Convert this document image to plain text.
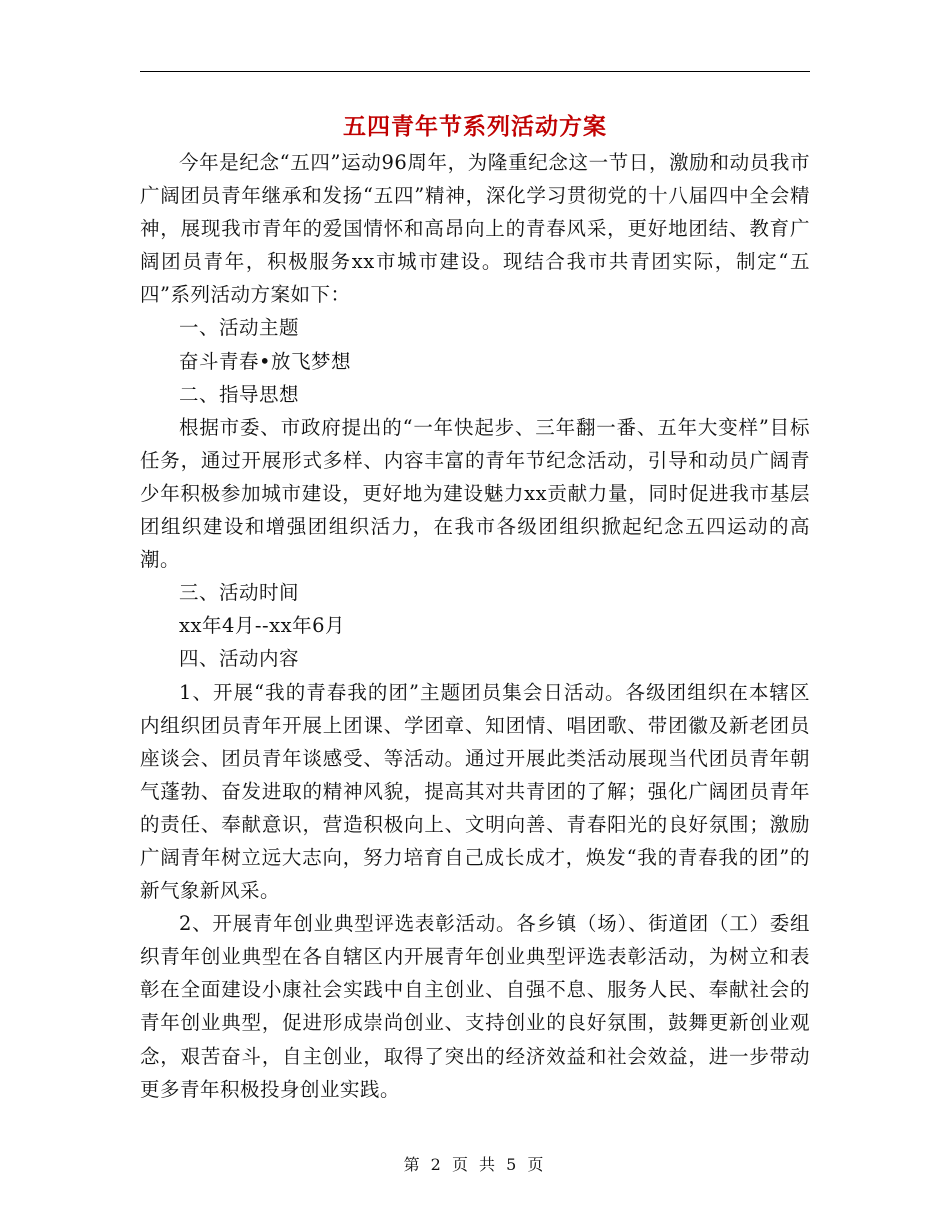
五四青年节系列活动方案

今年是纪念“五四”运动96周年，为隆重纪念这一节日，激励和动员我市广阔团员青年继承和发扬“五四”精神，深化学习贯彻党的十八届四中全会精神，展现我市青年的爱国情怀和高昂向上的青春风采，更好地团结、教育广阔团员青年，积极服务xx市城市建设。现结合我市共青团实际，制定“五四”系列活动方案如下：

一、活动主题

奋斗青春•放飞梦想

二、指导思想

根据市委、市政府提出的“一年快起步、三年翻一番、五年大变样”目标任务，通过开展形式多样、内容丰富的青年节纪念活动，引导和动员广阔青少年积极参加城市建设，更好地为建设魅力xx贡献力量，同时促进我市基层团组织建设和增强团组织活力，在我市各级团组织掀起纪念五四运动的高潮。

三、活动时间

xx年4月--xx年6月

四、活动内容

1、开展“我的青春我的团”主题团员集会日活动。各级团组织在本辖区内组织团员青年开展上团课、学团章、知团情、唱团歌、带团徽及新老团员座谈会、团员青年谈感受、等活动。通过开展此类活动展现当代团员青年朝气蓬勃、奋发进取的精神风貌，提高其对共青团的了解；强化广阔团员青年的责任、奉献意识，营造积极向上、文明向善、青春阳光的良好氛围；激励广阔青年树立远大志向，努力培育自己成长成才，焕发“我的青春我的团”的新气象新风采。

2、开展青年创业典型评选表彰活动。各乡镇（场）、街道团（工）委组织青年创业典型在各自辖区内开展青年创业典型评选表彰活动，为树立和表彰在全面建设小康社会实践中自主创业、自强不息、服务人民、奉献社会的青年创业典型，促进形成崇尚创业、支持创业的良好氛围，鼓舞更新创业观念，艰苦奋斗，自主创业，取得了突出的经济效益和社会效益，进一步带动更多青年积极投身创业实践。

第 2 页 共 5 页
